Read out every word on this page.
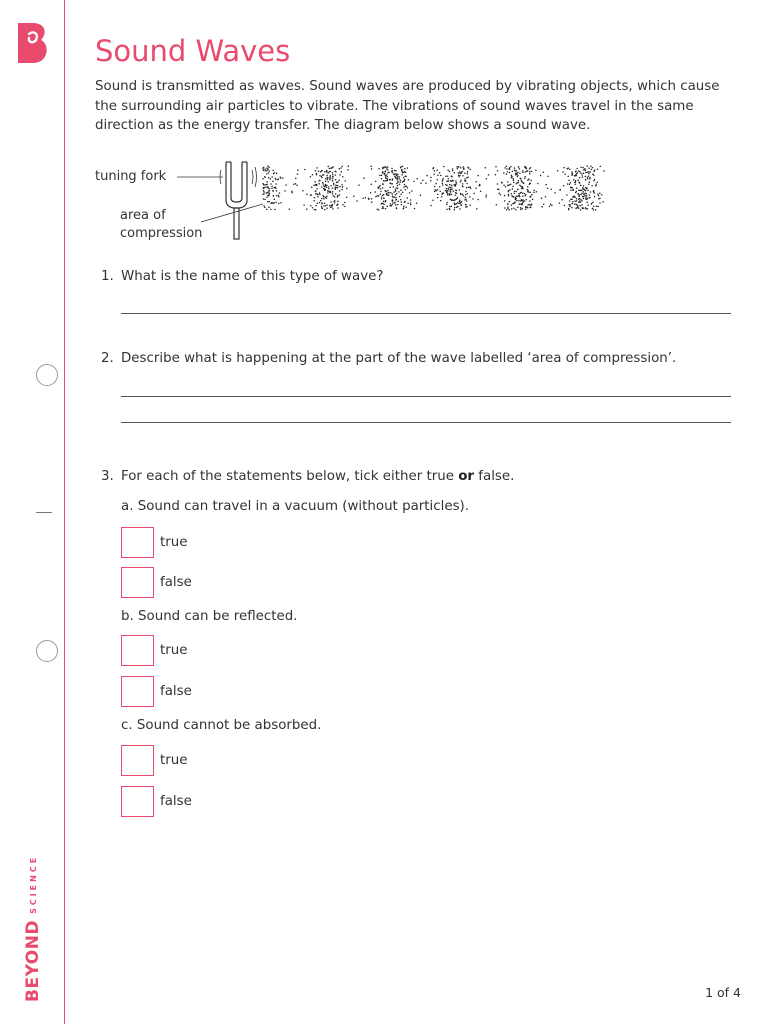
BEYOND
SCIENCE
Sound Waves
Sound is transmitted as waves. Sound waves are produced by vibrating objects, which cause the surrounding air particles to vibrate. The vibrations of sound waves travel in the same direction as the energy transfer. The diagram below shows a sound wave.
tuning fork
area of
compression
1. What is the name of this type of wave?
2. Describe what is happening at the part of the wave labelled ‘area of compression’.
3. For each of the statements below, tick either true or false.
a. Sound can travel in a vacuum (without particles).
true
false
b. Sound can be reflected.
true
false
c. Sound cannot be absorbed.
true
false
1 of 4
